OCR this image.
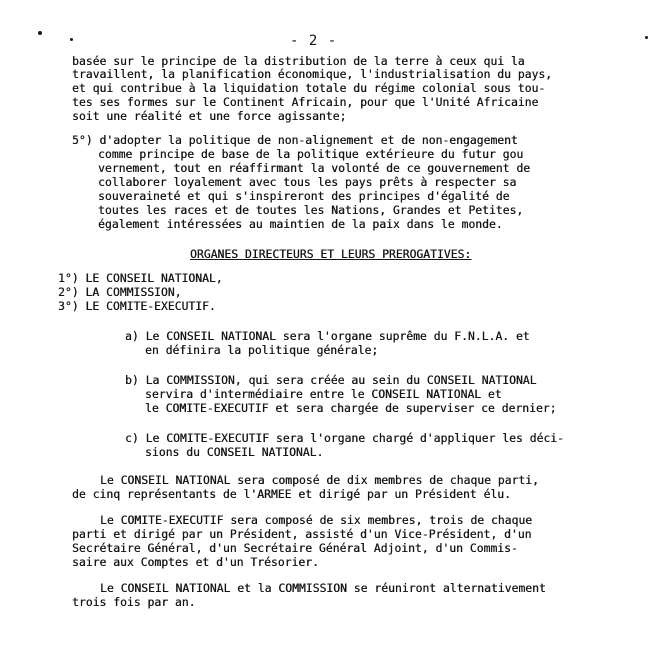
- 2 -
basée sur le principe de la distribution de la terre à ceux qui la
travaillent, la planification économique, l'industrialisation du pays,
et qui contribue à la liquidation totale du régime colonial sous tou-
tes ses formes sur le Continent Africain, pour que l'Unité Africaine
soit une réalité et une force agissante;
5°) d'adopter la politique de non-alignement et de non-engagement
comme principe de base de la politique extérieure du futur gou
vernement, tout en réaffirmant la volonté de ce gouvernement de
collaborer loyalement avec tous les pays prêts à respecter sa
souveraineté et qui s'inspireront des principes d'égalité de
toutes les races et de toutes les Nations, Grandes et Petites,
également intéressées au maintien de la paix dans le monde.
ORGANES DIRECTEURS ET LEURS PREROGATIVES:
1°) LE CONSEIL NATIONAL,
2°) LA COMMISSION,
3°) LE COMITE-EXECUTIF.
a) Le CONSEIL NATIONAL sera l'organe suprême du F.N.L.A. et
en définira la politique générale;
b) La COMMISSION, qui sera créée au sein du CONSEIL NATIONAL
servira d'intermédiaire entre le CONSEIL NATIONAL et
le COMITE-EXECUTIF et sera chargée de superviser ce dernier;
c) Le COMITE-EXECUTIF sera l'organe chargé d'appliquer les déci-
sions du CONSEIL NATIONAL.
Le CONSEIL NATIONAL sera composé de dix membres de chaque parti,
de cinq représentants de l'ARMEE et dirigé par un Président élu.
Le COMITE-EXECUTIF sera composé de six membres, trois de chaque
parti et dirigé par un Président, assisté d'un Vice-Président, d'un
Secrétaire Général, d'un Secrétaire Général Adjoint, d'un Commis-
saire aux Comptes et d'un Trésorier.
Le CONSEIL NATIONAL et la COMMISSION se réuniront alternativement
trois fois par an.
